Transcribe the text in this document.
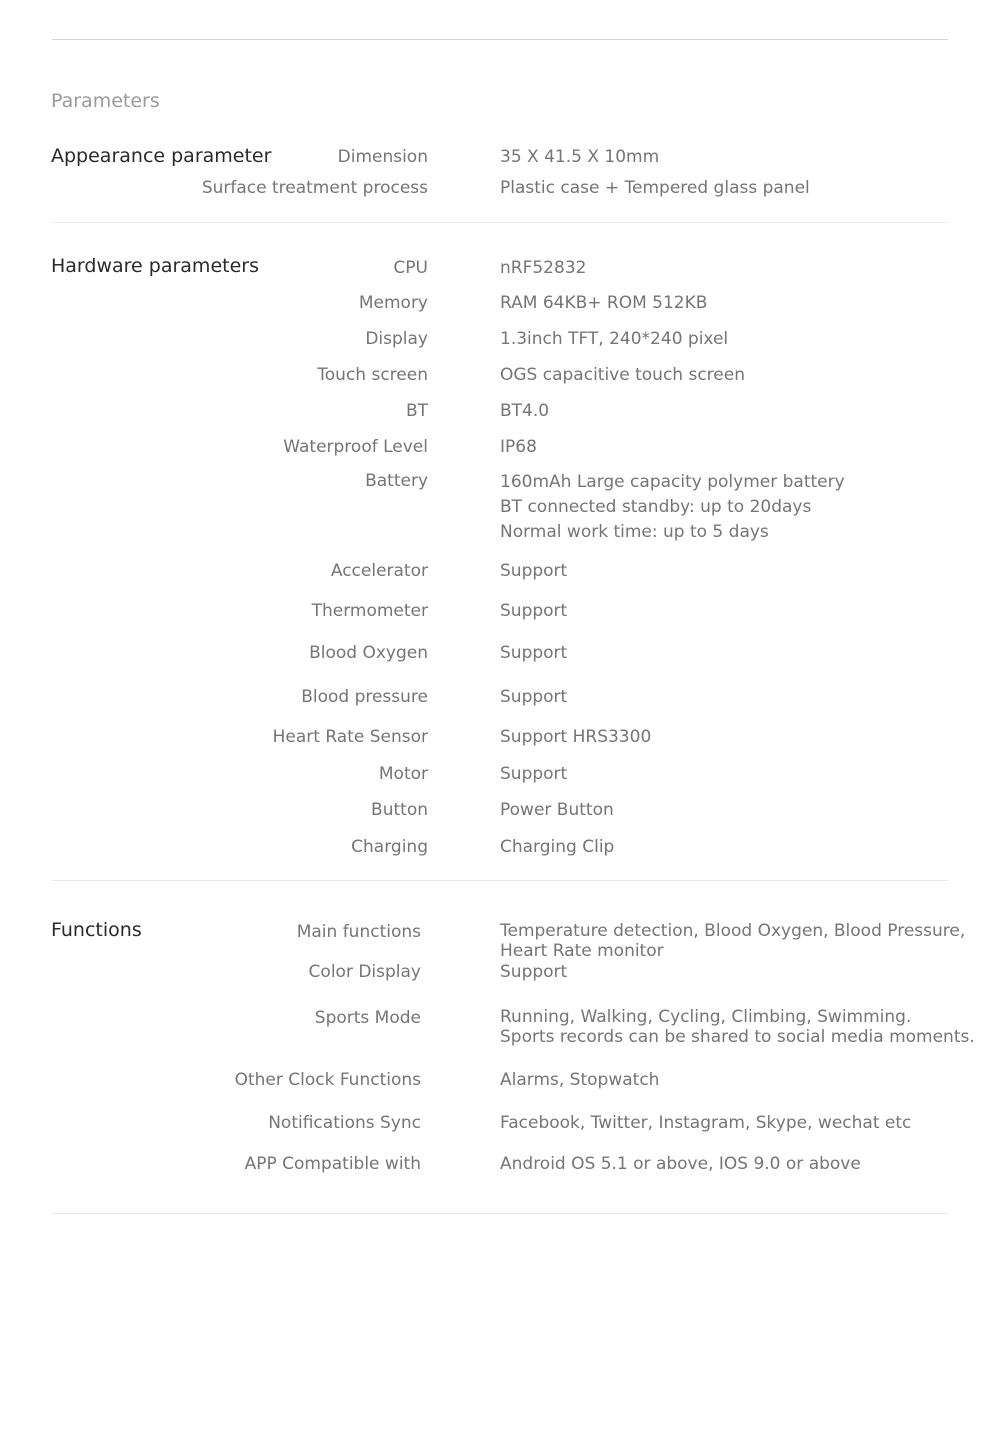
Parameters
Appearance parameter	Dimension	35 X 41.5 X 10mm
Surface treatment process	Plastic case + Tempered glass panel
Hardware parameters	CPU	nRF52832
Memory	RAM 64KB+ ROM 512KB
Display	1.3inch TFT, 240*240 pixel
Touch screen	OGS capacitive touch screen
BT	BT4.0
Waterproof Level	IP68
Battery	160mAh Large capacity polymer battery
BT connected standby: up to 20days
Normal work time: up to 5 days
Accelerator	Support
Thermometer	Support
Blood Oxygen	Support
Blood pressure	Support
Heart Rate Sensor	Support HRS3300
Motor	Support
Button	Power Button
Charging	Charging Clip
Functions	Main functions	Temperature detection, Blood Oxygen, Blood Pressure,
Heart Rate monitor
Color Display	Support
Sports Mode	Running, Walking, Cycling, Climbing, Swimming.
Sports records can be shared to social media moments.
Other Clock Functions	Alarms, Stopwatch
Notifications Sync	Facebook, Twitter, Instagram, Skype, wechat etc
APP Compatible with	Android OS 5.1 or above, IOS 9.0 or above
